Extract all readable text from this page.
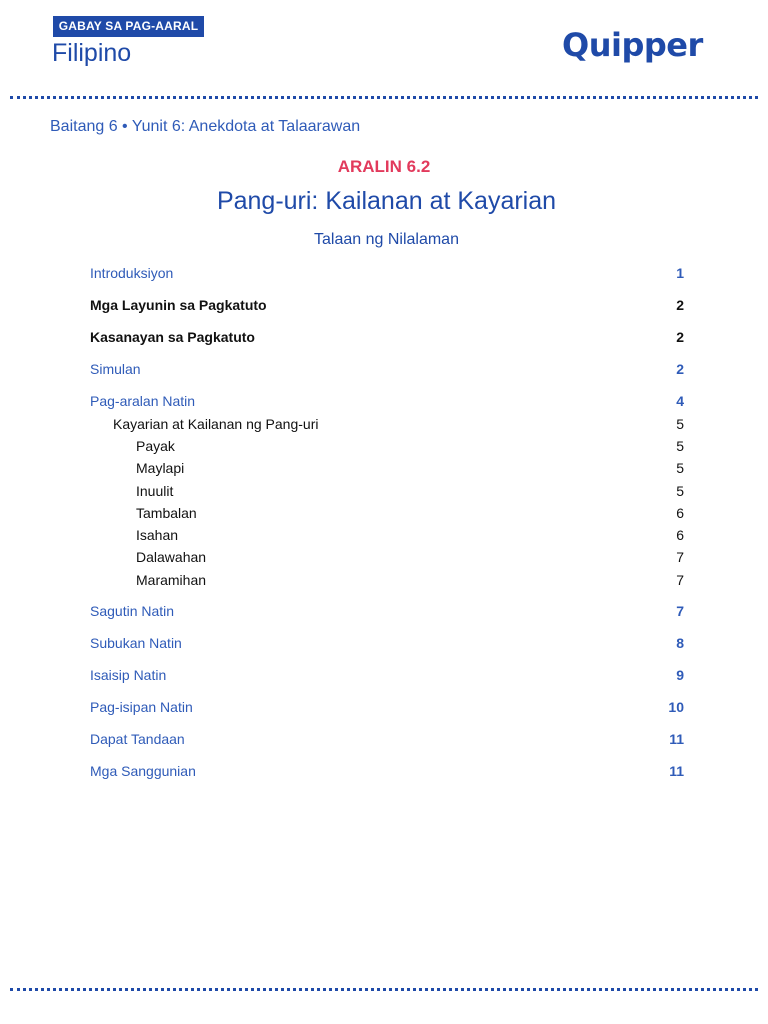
GABAY SA PAG-AARAL
Filipino	Quipper
Baitang 6 • Yunit 6: Anekdota at Talaarawan
ARALIN 6.2
Pang-uri: Kailanan at Kayarian
Talaan ng Nilalaman
Introduksiyon	1
Mga Layunin sa Pagkatuto	2
Kasanayan sa Pagkatuto	2
Simulan	2
Pag-aralan Natin	4
Kayarian at Kailanan ng Pang-uri	5
Payak	5
Maylapi	5
Inuulit	5
Tambalan	6
Isahan	6
Dalawahan	7
Maramihan	7
Sagutin Natin	7
Subukan Natin	8
Isaisip Natin	9
Pag-isipan Natin	10
Dapat Tandaan	11
Mga Sanggunian	11
